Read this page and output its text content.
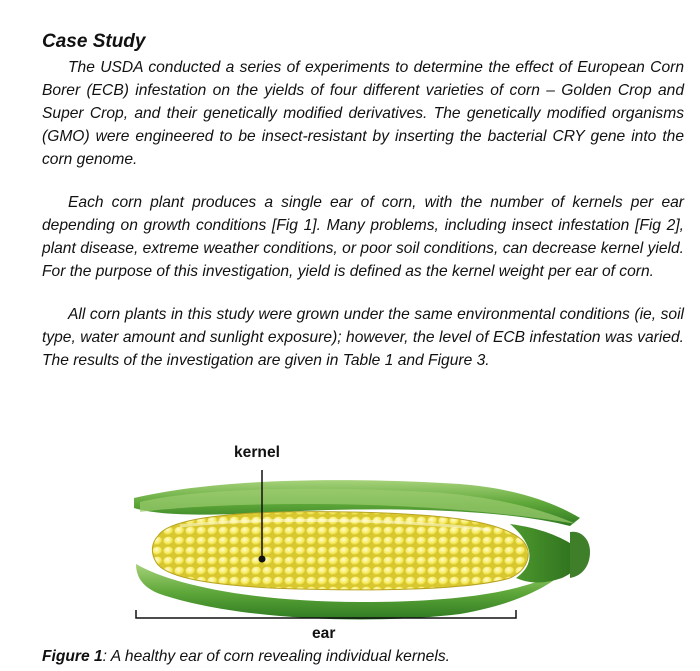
Case Study

The USDA conducted a series of experiments to determine the effect of European Corn Borer (ECB) infestation on the yields of four different varieties of corn – Golden Crop and Super Crop, and their genetically modified derivatives. The genetically modified organisms (GMO) were engineered to be insect-resistant by inserting the bacterial CRY gene into the corn genome.

Each corn plant produces a single ear of corn, with the number of kernels per ear depending on growth conditions [Fig 1]. Many problems, including insect infestation [Fig 2], plant disease, extreme weather conditions, or poor soil conditions, can decrease kernel yield. For the purpose of this investigation, yield is defined as the kernel weight per ear of corn.

All corn plants in this study were grown under the same environmental conditions (ie, soil type, water amount and sunlight exposure); however, the level of ECB infestation was varied. The results of the investigation are given in Table 1 and Figure 3.

kernel
ear
Figure 1: A healthy ear of corn revealing individual kernels.
